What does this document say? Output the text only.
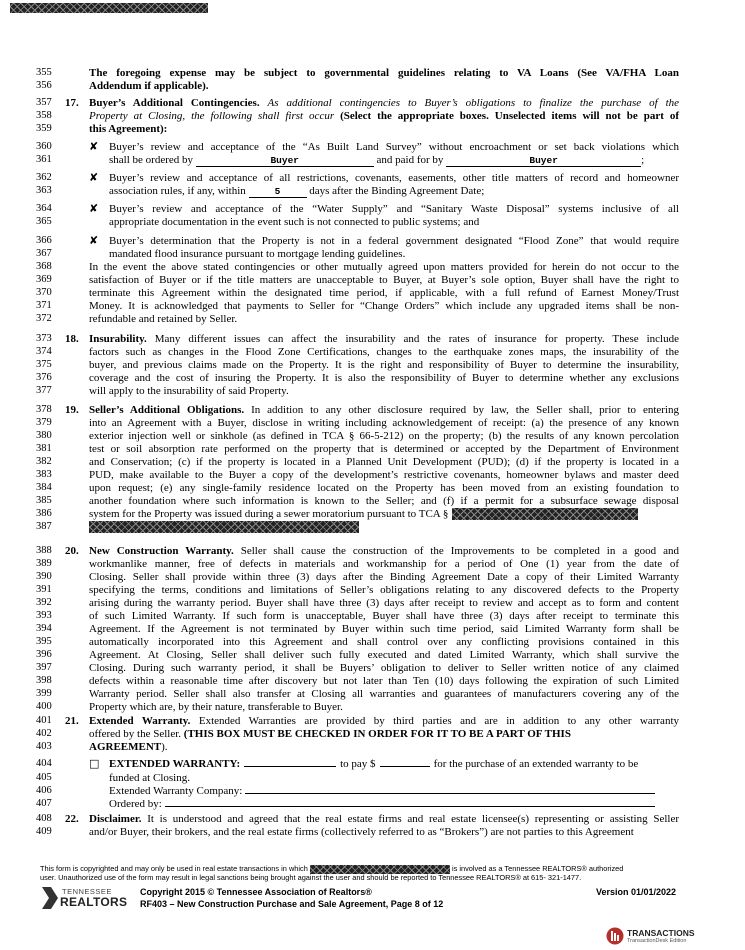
355	The foregoing expense may be subject to governmental guidelines relating to VA Loans (See VA/FHA Loan
356	Addendum if applicable).
357	17. Buyer’s Additional Contingencies. As additional contingencies to Buyer’s obligations to finalize the purchase of the
358	Property at Closing, the following shall first occur (Select the appropriate boxes. Unselected items will not be part of
359	this Agreement):
360	Buyer’s review and acceptance of the “As Built Land Survey” without encroachment or set back violations which
361	shall be ordered by	Buyer	and paid for by	Buyer	;
362	Buyer’s review and acceptance of all restrictions, covenants, easements, other title matters of record and homeowner
363	association rules, if any, within	5	days after the Binding Agreement Date;
364	Buyer’s review and acceptance of the “Water Supply” and “Sanitary Waste Disposal” systems inclusive of all
365	appropriate documentation in the event such is not connected to public systems; and
366	Buyer’s determination that the Property is not in a federal government designated “Flood Zone” that would require
367	mandated flood insurance pursuant to mortgage lending guidelines.
368	In the event the above stated contingencies or other mutually agreed upon matters provided for herein do not occur to the
369	satisfaction of Buyer or if the title matters are unacceptable to Buyer, at Buyer’s sole option, Buyer shall have the right to
370	terminate this Agreement within the designated time period, if applicable, with a full refund of Earnest Money/Trust
371	Money. It is acknowledged that payments to Seller for “Change Orders” which include any upgraded items shall be non-
372	refundable and retained by Seller.
373	18. Insurability. Many different issues can affect the insurability and the rates of insurance for property. These include
374	factors such as changes in the Flood Zone Certifications, changes to the earthquake zones maps, the insurability of the
375	buyer, and previous claims made on the Property. It is the right and responsibility of Buyer to determine the insurability,
376	coverage and the cost of insuring the Property. It is also the responsibility of Buyer to determine whether any exclusions
377	will apply to the insurability of said Property.
378	19. Seller’s Additional Obligations. In addition to any other disclosure required by law, the Seller shall, prior to entering
379	into an Agreement with a Buyer, disclose in writing including acknowledgement of receipt: (a) the presence of any known
380	exterior injection well or sinkhole (as defined in TCA § 66-5-212) on the property; (b) the results of any known percolation
381	test or soil absorption rate performed on the property that is determined or accepted by the Department of Environment
382	and Conservation; (c) if the property is located in a Planned Unit Development (PUD); (d) if the property is located in a
383	PUD, make available to the Buyer a copy of the development’s restrictive covenants, homeowner bylaws and master deed
384	upon request; (e) any single-family residence located on the Property has been moved from an existing foundation to
385	another foundation where such information is known to the Seller; and (f) if a permit for a subsurface sewage disposal
386	system for the Property was issued during a sewer moratorium pursuant to TCA §
387
388	20. New Construction Warranty. Seller shall cause the construction of the Improvements to be completed in a good and
389	workmanlike manner, free of defects in materials and workmanship for a period of One (1) year from the date of
390	Closing. Seller shall provide within three (3) days after the Binding Agreement Date a copy of their Limited Warranty
391	specifying the terms, conditions and limitations of Seller’s obligations relating to any discovered defects to the Property
392	arising during the warranty period. Buyer shall have three (3) days after receipt to review and accept as to form and content
393	of such Limited Warranty. If such form is unacceptable, Buyer shall have three (3) days after receipt to terminate this
394	Agreement. If the Agreement is not terminated by Buyer within such time period, said Limited Warranty form shall be
395	automatically incorporated into this Agreement and shall control over any conflicting provisions contained in this
396	Agreement. At Closing, Seller shall deliver such fully executed and dated Limited Warranty, which shall survive the
397	Closing. During such warranty period, it shall be Buyers’ obligation to deliver to Seller written notice of any claimed
398	defects within a reasonable time after discovery but not later than Ten (10) days following the expiration of such Limited
399	Warranty period. Seller shall also transfer at Closing all warranties and guarantees of manufacturers covering any of the
400	Property which are, by their nature, transferable to Buyer.
401	21. Extended Warranty. Extended Warranties are provided by third parties and are in addition to any other warranty
402	offered by the Seller. (THIS BOX MUST BE CHECKED IN ORDER FOR IT TO BE A PART OF THIS
403	AGREEMENT).
404	EXTENDED WARRANTY:	to pay $	for the purchase of an extended warranty to be
405	funded at Closing.
406	Extended Warranty Company:
407	Ordered by:
408	22. Disclaimer. It is understood and agreed that the real estate firms and real estate licensee(s) representing or assisting Seller
409	and/or Buyer, their brokers, and the real estate firms (collectively referred to as “Brokers”) are not parties to this Agreement
✘
✘
✘
✘
□
This form is copyrighted and may only be used in real estate transactions in which	is involved as a Tennessee REALTORS® authorized
user. Unauthorized use of the form may result in legal sanctions being brought against the user and should be reported to Tennessee REALTORS® at 615- 321-1477.
TENNESSEE
REALTORS
Copyright 2015 © Tennessee Association of Realtors®
RF403 – New Construction Purchase and Sale Agreement, Page 8 of 12
Version 01/01/2022
TRANSACTIONS
TransactionDesk Edition
